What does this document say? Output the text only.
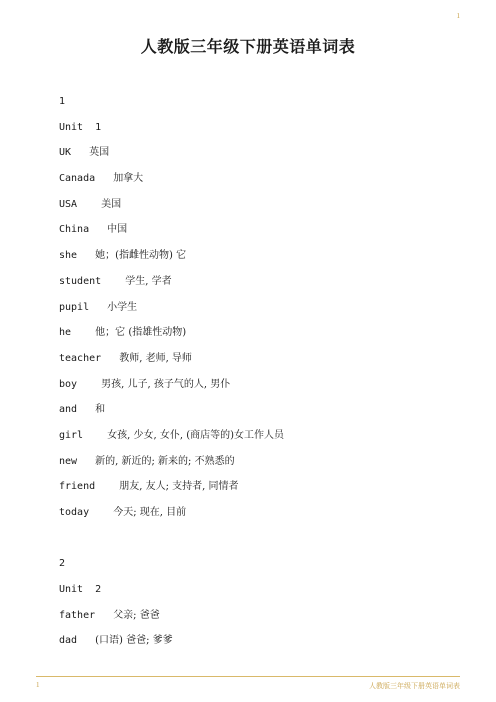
1
人教版三年级下册英语单词表
1
Unit  1
UK 英国
Canada 加拿大
USA 美国
China 中国
she 她；(指雌性动物) 它
student 学生, 学者
pupil 小学生
he 他；它 (指雄性动物)
teacher 教师, 老师, 导师
boy 男孩, 儿子, 孩子气的人, 男仆
and 和
girl 女孩, 少女, 女仆, (商店等的)女工作人员
new 新的, 新近的; 新来的; 不熟悉的
friend 朋友, 友人; 支持者, 同情者
today 今天; 现在, 目前
2
Unit  2
father 父亲; 爸爸
dad (口语) 爸爸; 爹爹
1	人教版三年级下册英语单词表
